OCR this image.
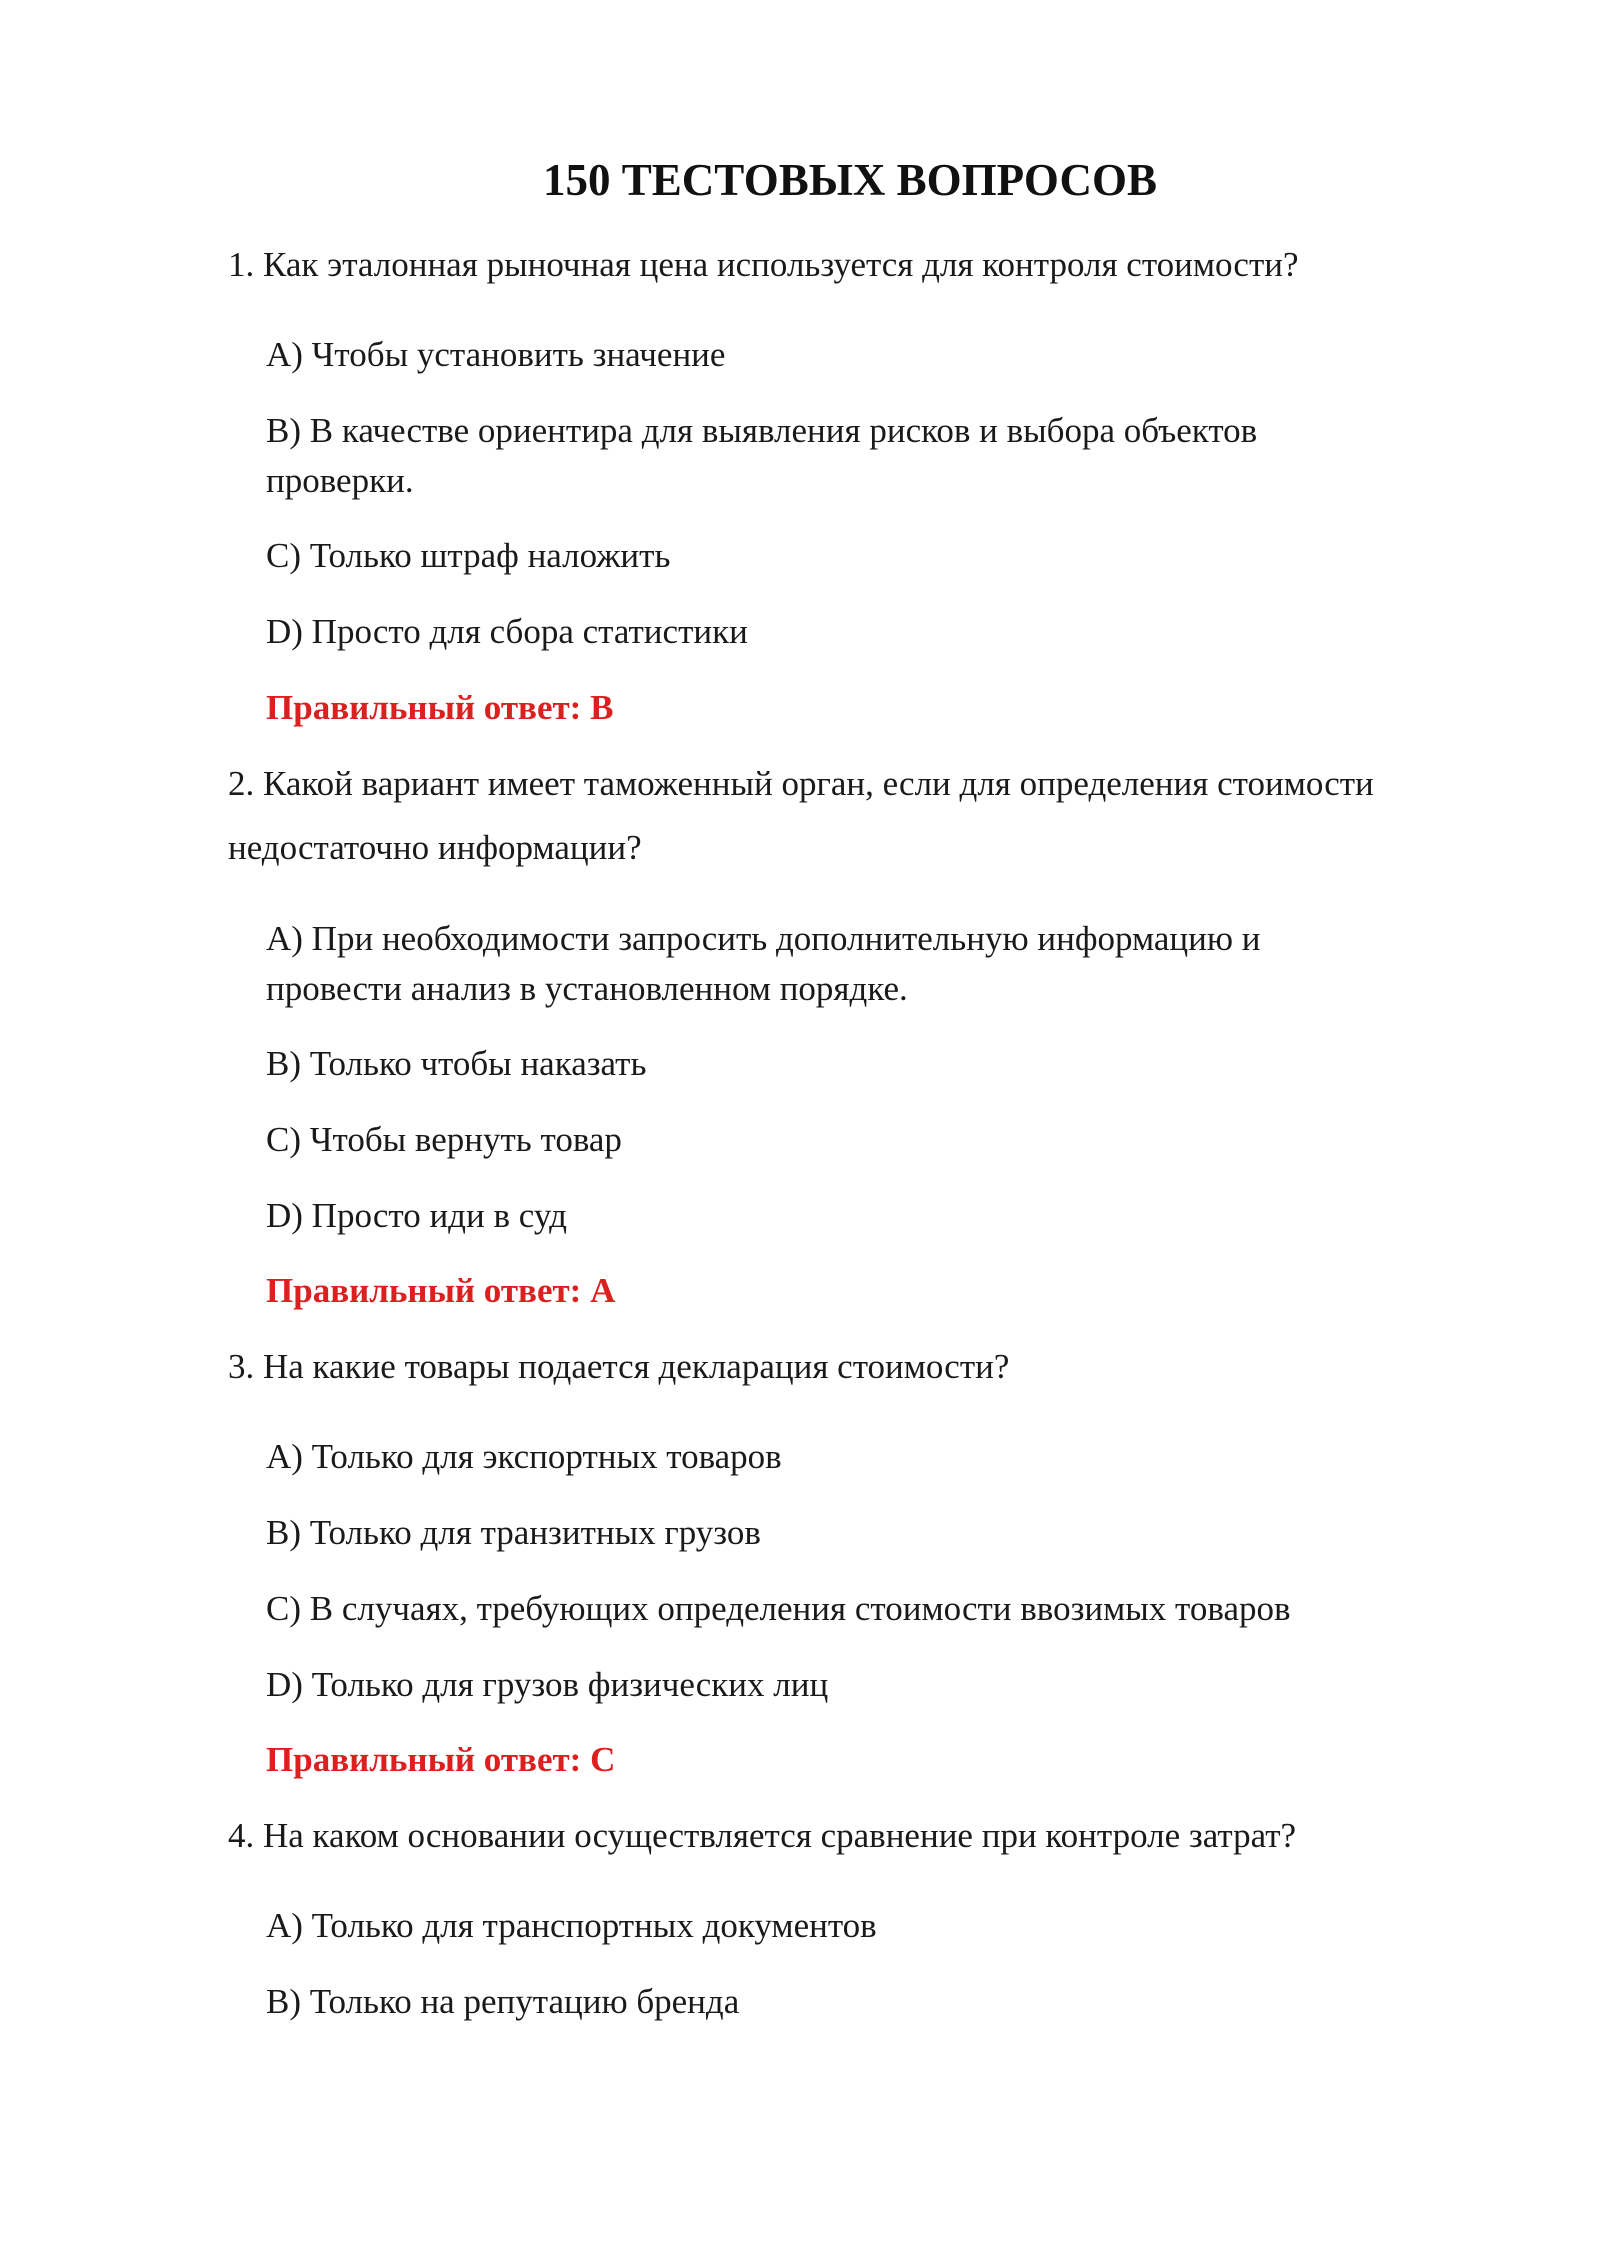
150 ТЕСТОВЫХ ВОПРОСОВ

1. Как эталонная рыночная цена используется для контроля стоимости?

A) Чтобы установить значение

B) В качестве ориентира для выявления рисков и выбора объектов

проверки.

C) Только штраф наложить

D) Просто для сбора статистики

Правильный ответ: B

2. Какой вариант имеет таможенный орган, если для определения стоимости

недостаточно информации?

A) При необходимости запросить дополнительную информацию и

провести анализ в установленном порядке.

B) Только чтобы наказать

C) Чтобы вернуть товар

D) Просто иди в суд

Правильный ответ: A

3. На какие товары подается декларация стоимости?

A) Только для экспортных товаров

B) Только для транзитных грузов

C) В случаях, требующих определения стоимости ввозимых товаров

D) Только для грузов физических лиц

Правильный ответ: C

4. На каком основании осуществляется сравнение при контроле затрат?

A) Только для транспортных документов

B) Только на репутацию бренда
